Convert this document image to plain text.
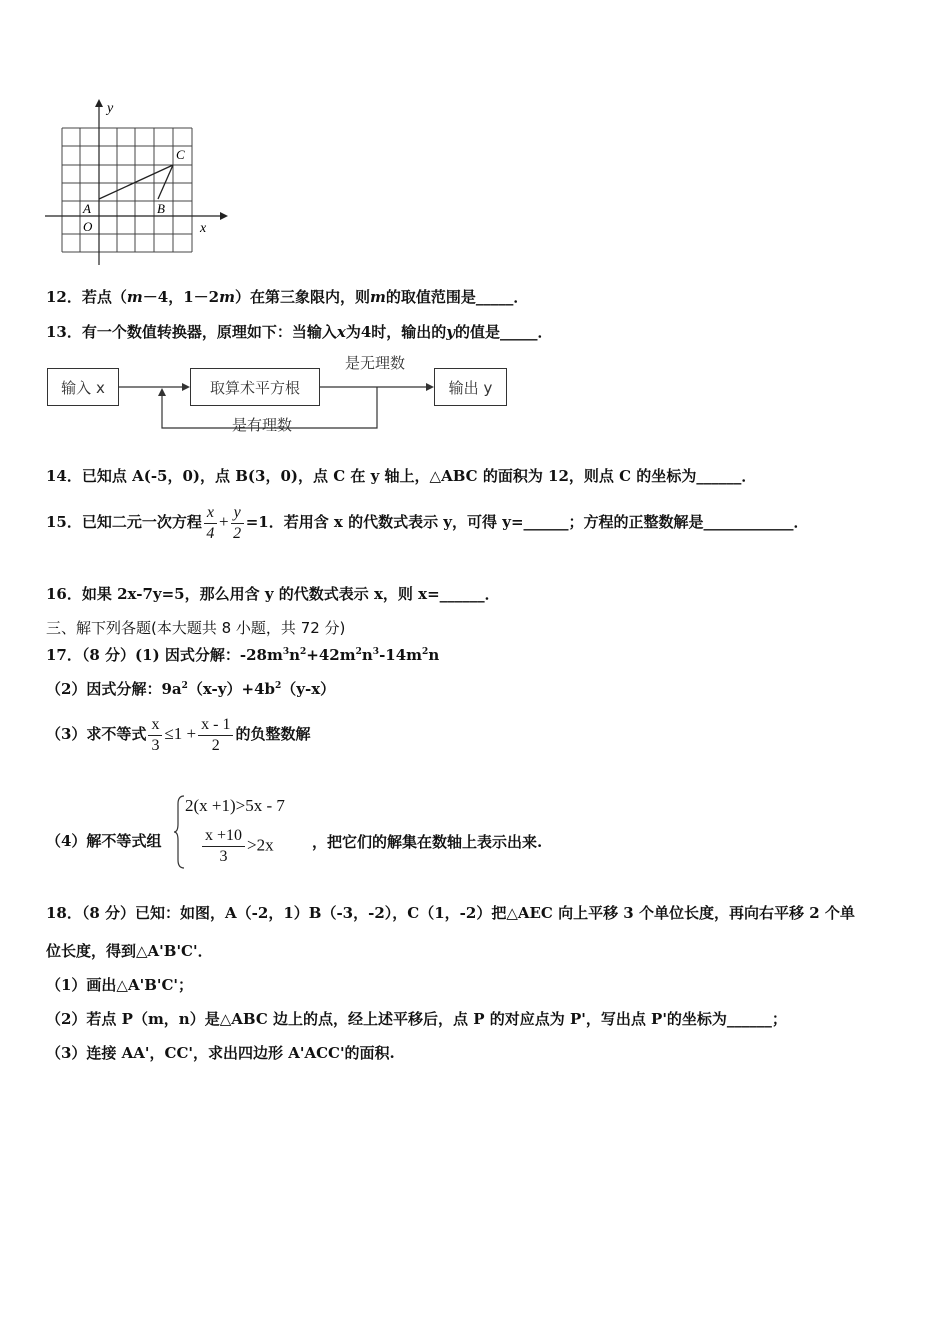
y
x
C
A	B
O
12．若点（m－4，1－2m）在第三象限内，则m的取值范围是_____．
13．有一个数值转换器，原理如下：当输入x为4时，输出的y的值是_____．
输入 x	取算术平方根	输出 y
是无理数
是有理数
14．已知点 A(-5，0)，点 B(3，0)，点 C 在 y 轴上，△ABC 的面积为 12，则点 C 的坐标为______．
15．已知二元一次方程 $\frac{x}{4} + \frac{y}{2} =1$．若用含 x 的代数式表示 y，可得 y=______；方程的正整数解是____________．
16．如果 2x-7y=5，那么用含 y 的代数式表示 x，则 x=______．
三、解下列各题(本大题共 8 小题，共 72 分)
17．（8 分）(1) 因式分解：$-28m^3n^2+42m^2n^3-14m^2n$
（2）因式分解：$9a^2(x-y)+4b^2(y-x)$
（3）求不等式 $\frac{x}{3} \le 1 + \frac{x - 1}{2}$ 的负整数解
（4）解不等式组
2(x +1)>5x - 7
$\frac{x +10}{3} >2x$	，把它们的解集在数轴上表示出来.
18．（8 分）已知：如图，A（-2，1）B（-3，-2），C（1，-2）把△AEC 向上平移 3 个单位长度，再向右平移 2 个单
位长度，得到△A'B'C'．
（1）画出△A'B'C'；
（2）若点 P（m，n）是△ABC 边上的点，经上述平移后，点 P 的对应点为 P'，写出点 P'的坐标为______；
（3）连接 AA'，CC'，求出四边形 A'ACC'的面积.
